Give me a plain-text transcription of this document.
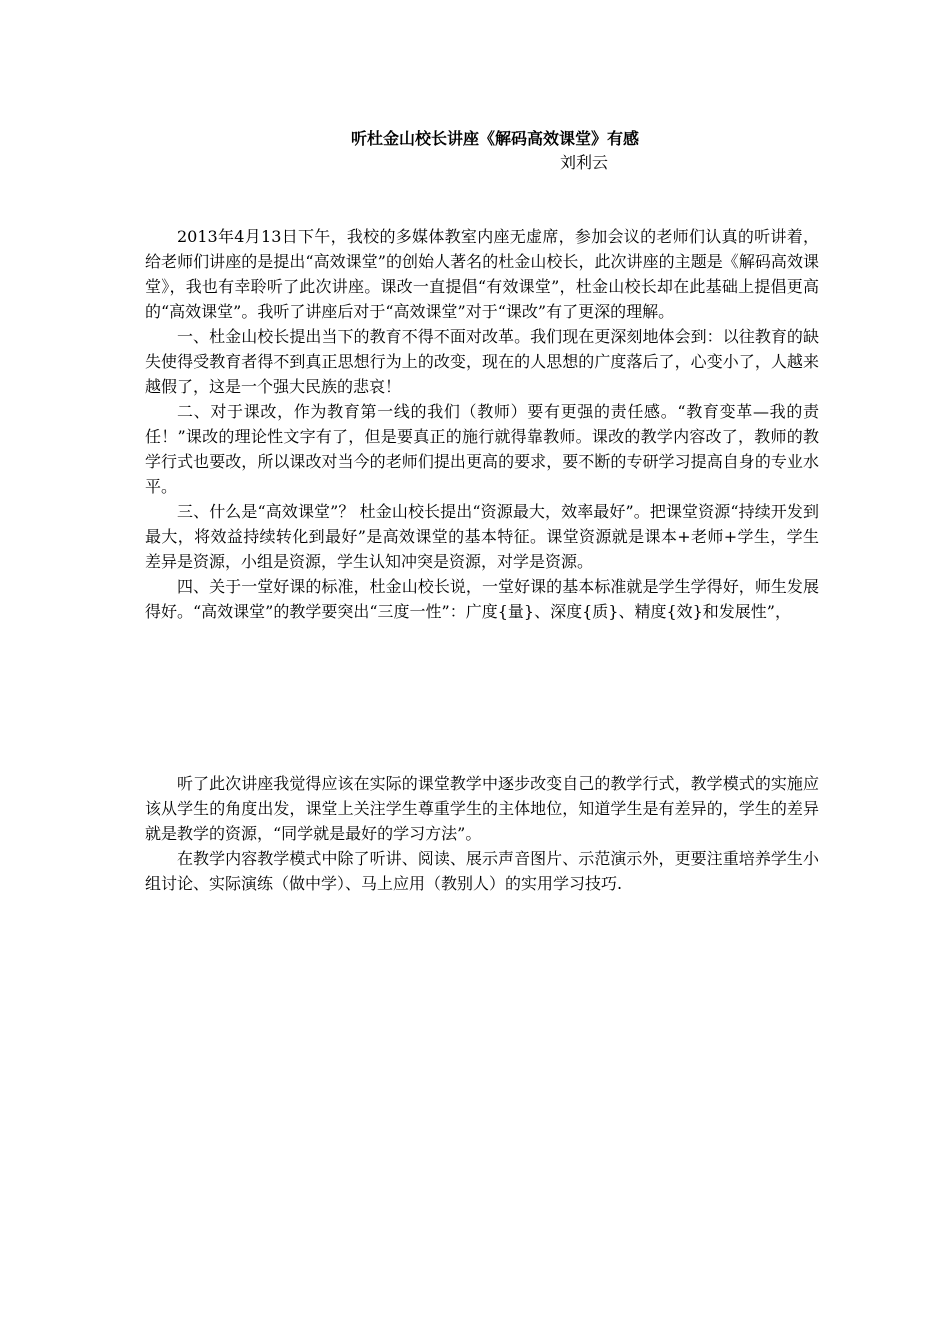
听杜金山校长讲座《解码高效课堂》有感
刘利云

2013年4月13日下午，我校的多媒体教室内座无虚席，参加会议的老师们认真的听讲着，给老师们讲座的是提出“高效课堂”的创始人著名的杜金山校长，此次讲座的主题是《解码高效课堂》，我也有幸聆听了此次讲座。课改一直提倡“有效课堂”，杜金山校长却在此基础上提倡更高的“高效课堂”。我听了讲座后对于“高效课堂”对于“课改”有了更深的理解。

一、杜金山校长提出当下的教育不得不面对改革。我们现在更深刻地体会到：以往教育的缺失使得受教育者得不到真正思想行为上的改变，现在的人思想的广度落后了，心变小了，人越来越假了，这是一个强大民族的悲哀！

二、对于课改，作为教育第一线的我们（教师）要有更强的责任感。“教育变革—我的责任！”课改的理论性文字有了，但是要真正的施行就得靠教师。课改的教学内容改了，教师的教学行式也要改，所以课改对当今的老师们提出更高的要求，要不断的专研学习提高自身的专业水平。

三、什么是“高效课堂”？ 杜金山校长提出“资源最大，效率最好”。把课堂资源“持续开发到最大，将效益持续转化到最好”是高效课堂的基本特征。课堂资源就是课本+老师+学生，学生差异是资源，小组是资源，学生认知冲突是资源，对学是资源。

四、关于一堂好课的标准，杜金山校长说，一堂好课的基本标准就是学生学得好，师生发展得好。“高效课堂”的教学要突出“三度一性”：广度{量}、深度{质}、精度{效}和发展性”，

听了此次讲座我觉得应该在实际的课堂教学中逐步改变自己的教学行式，教学模式的实施应该从学生的角度出发，课堂上关注学生尊重学生的主体地位，知道学生是有差异的，学生的差异就是教学的资源，“同学就是最好的学习方法”。

在教学内容教学模式中除了听讲、阅读、展示声音图片、示范演示外，更要注重培养学生小组讨论、实际演练（做中学）、马上应用（教别人）的实用学习技巧.
